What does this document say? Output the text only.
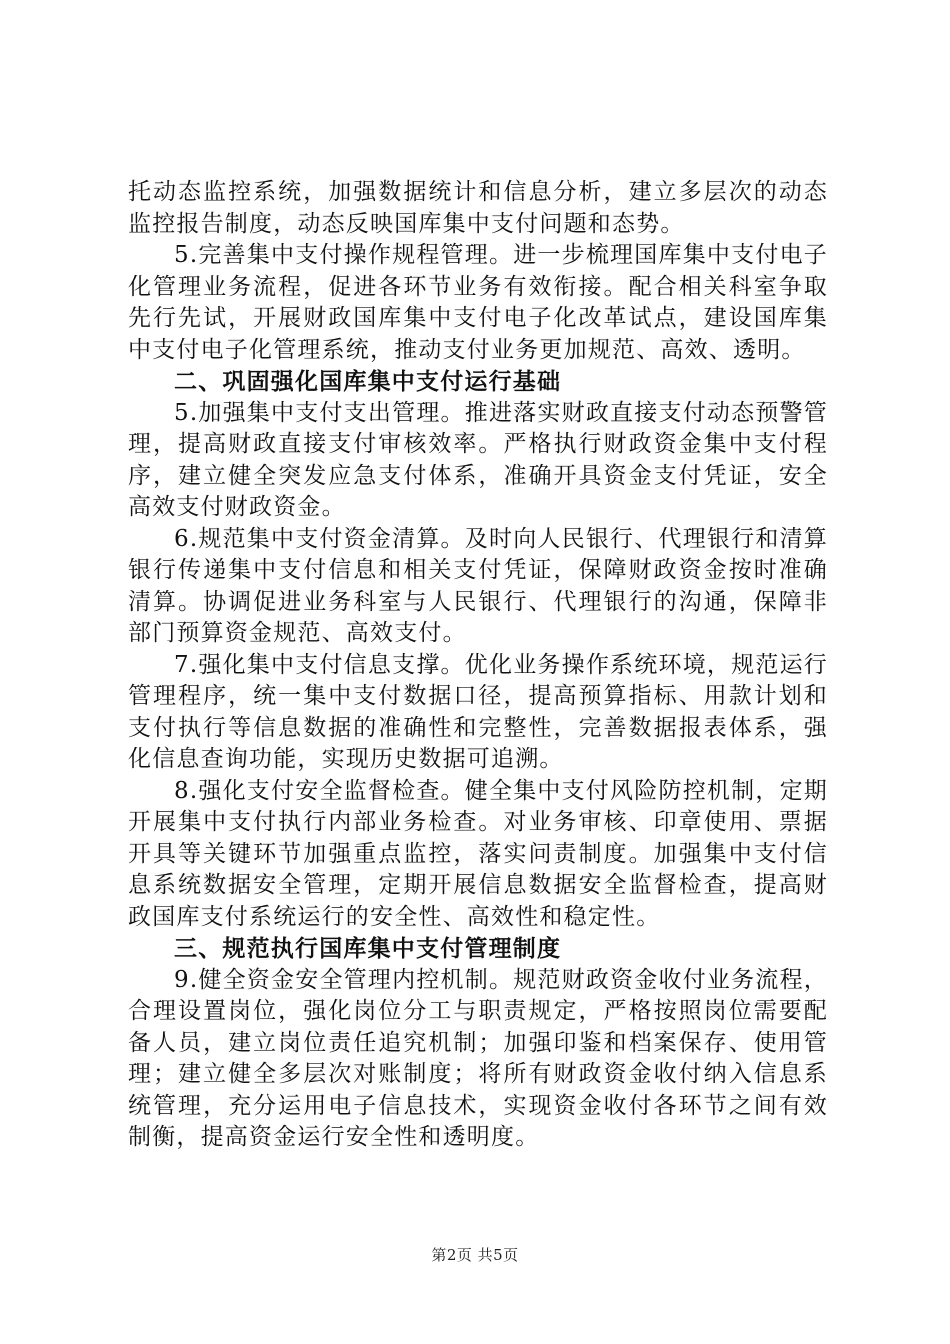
托动态监控系统，加强数据统计和信息分析，建立多层次的动态监控报告制度，动态反映国库集中支付问题和态势。

5.完善集中支付操作规程管理。进一步梳理国库集中支付电子化管理业务流程，促进各环节业务有效衔接。配合相关科室争取先行先试，开展财政国库集中支付电子化改革试点，建设国库集中支付电子化管理系统，推动支付业务更加规范、高效、透明。

二、巩固强化国库集中支付运行基础

5.加强集中支付支出管理。推进落实财政直接支付动态预警管理，提高财政直接支付审核效率。严格执行财政资金集中支付程序，建立健全突发应急支付体系，准确开具资金支付凭证，安全高效支付财政资金。

6.规范集中支付资金清算。及时向人民银行、代理银行和清算银行传递集中支付信息和相关支付凭证，保障财政资金按时准确清算。协调促进业务科室与人民银行、代理银行的沟通，保障非部门预算资金规范、高效支付。

7.强化集中支付信息支撑。优化业务操作系统环境，规范运行管理程序，统一集中支付数据口径，提高预算指标、用款计划和支付执行等信息数据的准确性和完整性，完善数据报表体系，强化信息查询功能，实现历史数据可追溯。

8.强化支付安全监督检查。健全集中支付风险防控机制，定期开展集中支付执行内部业务检查。对业务审核、印章使用、票据开具等关键环节加强重点监控，落实问责制度。加强集中支付信息系统数据安全管理，定期开展信息数据安全监督检查，提高财政国库支付系统运行的安全性、高效性和稳定性。

三、规范执行国库集中支付管理制度

9.健全资金安全管理内控机制。规范财政资金收付业务流程，合理设置岗位，强化岗位分工与职责规定，严格按照岗位需要配备人员，建立岗位责任追究机制；加强印鉴和档案保存、使用管理；建立健全多层次对账制度；将所有财政资金收付纳入信息系统管理，充分运用电子信息技术，实现资金收付各环节之间有效制衡，提高资金运行安全性和透明度。

第2页 共5页
